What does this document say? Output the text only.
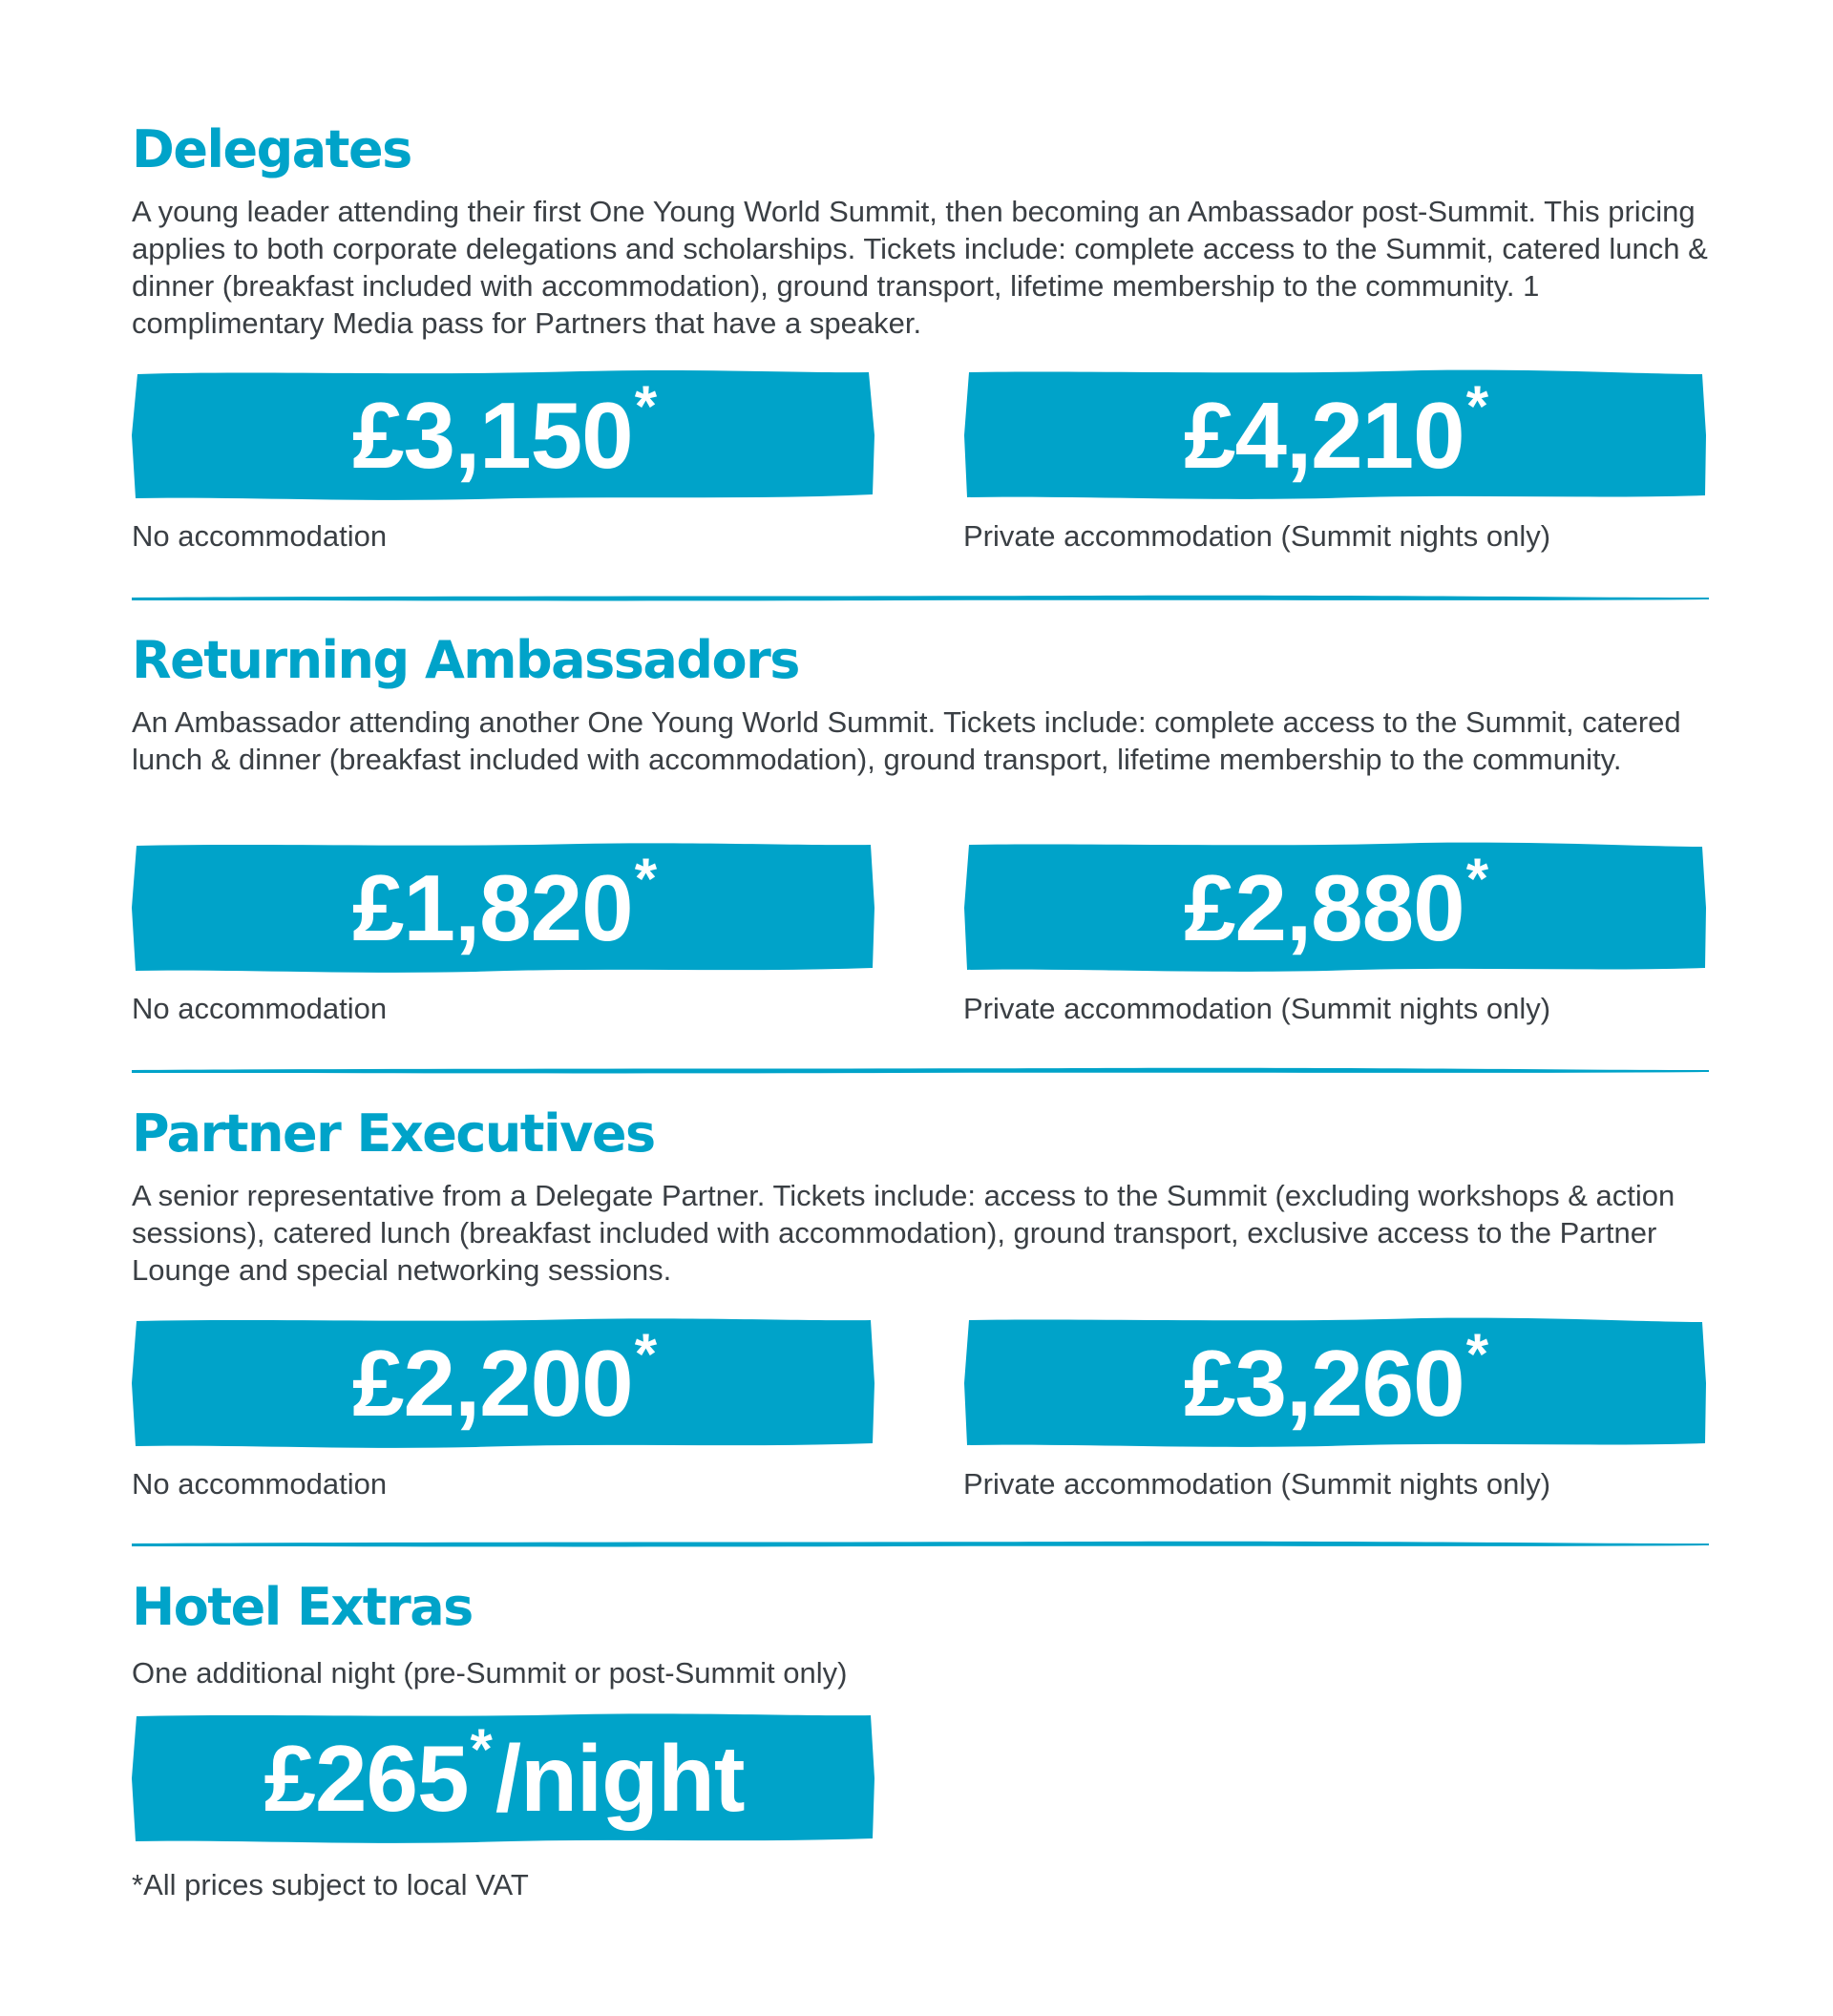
Delegates

A young leader attending their first One Young World Summit, then becoming an Ambassador post-Summit. This pricing applies to both corporate delegations and scholarships. Tickets include: complete access to the Summit, catered lunch & dinner (breakfast included with accommodation), ground transport, lifetime membership to the community. 1 complimentary Media pass for Partners that have a speaker.

£3,150 *
No accommodation
£4,210 *
Private accommodation (Summit nights only)
Returning Ambassadors

An Ambassador attending another One Young World Summit. Tickets include: complete access to the Summit, catered lunch & dinner (breakfast included with accommodation), ground transport, lifetime membership to the community.

£1,820 *
No accommodation
£2,880 *
Private accommodation (Summit nights only)
Partner Executives

A senior representative from a Delegate Partner. Tickets include: access to the Summit (excluding workshops & action sessions), catered lunch (breakfast included with accommodation), ground transport, exclusive access to the Partner Lounge and special networking sessions.

£2,200 *
No accommodation
£3,260 *
Private accommodation (Summit nights only)
Hotel Extras

One additional night (pre-Summit or post-Summit only)

£265 * /night
*All prices subject to local VAT
